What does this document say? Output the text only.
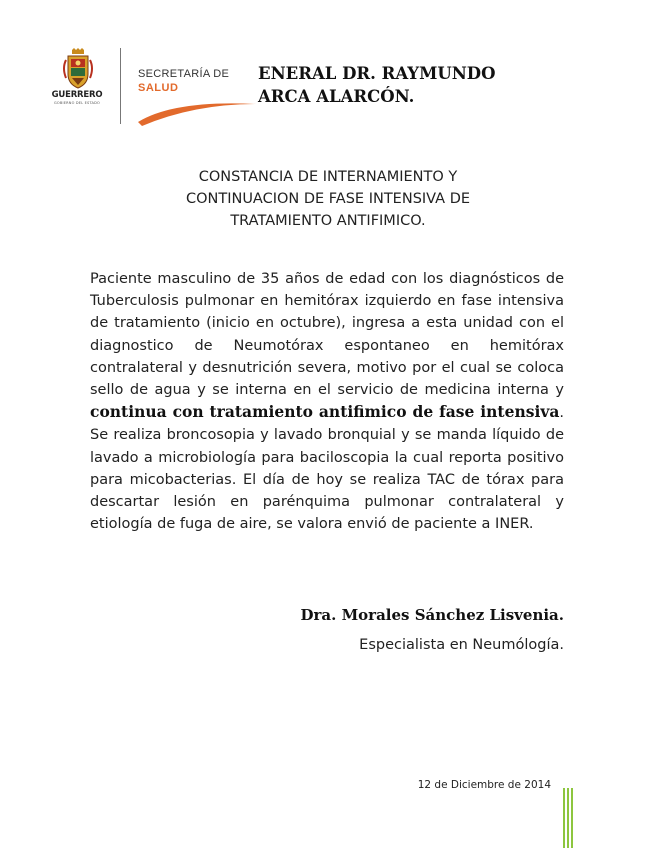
GUERRERO
GOBIERNO DEL ESTADO
SECRETARÍA DE
SALUD
ENERAL DR. RAYMUNDO
ARCA ALARCÓN.
CONSTANCIA DE INTERNAMIENTO Y
CONTINUACION DE FASE INTENSIVA DE
TRATAMIENTO ANTIFIMICO.
Paciente masculino de 35 años de edad con los diagnósticos de Tuberculosis pulmonar en hemitórax izquierdo en fase intensiva de tratamiento (inicio en octubre), ingresa a esta unidad con el diagnostico de Neumotórax espontaneo en hemitórax contralateral y desnutrición severa, motivo por el cual se coloca sello de agua y se interna en el servicio de medicina interna y continua con tratamiento antifimico de fase intensiva. Se realiza broncosopia y lavado bronquial y se manda líquido de lavado a microbiología para baciloscopia la cual reporta positivo para micobacterias. El día de hoy se realiza TAC de tórax para descartar lesión en parénquima pulmonar contralateral y etiología de fuga de aire, se valora envió de paciente a INER.
Dra. Morales Sánchez Lisvenia.
Especialista en Neumólogía.
12 de Diciembre de 2014
